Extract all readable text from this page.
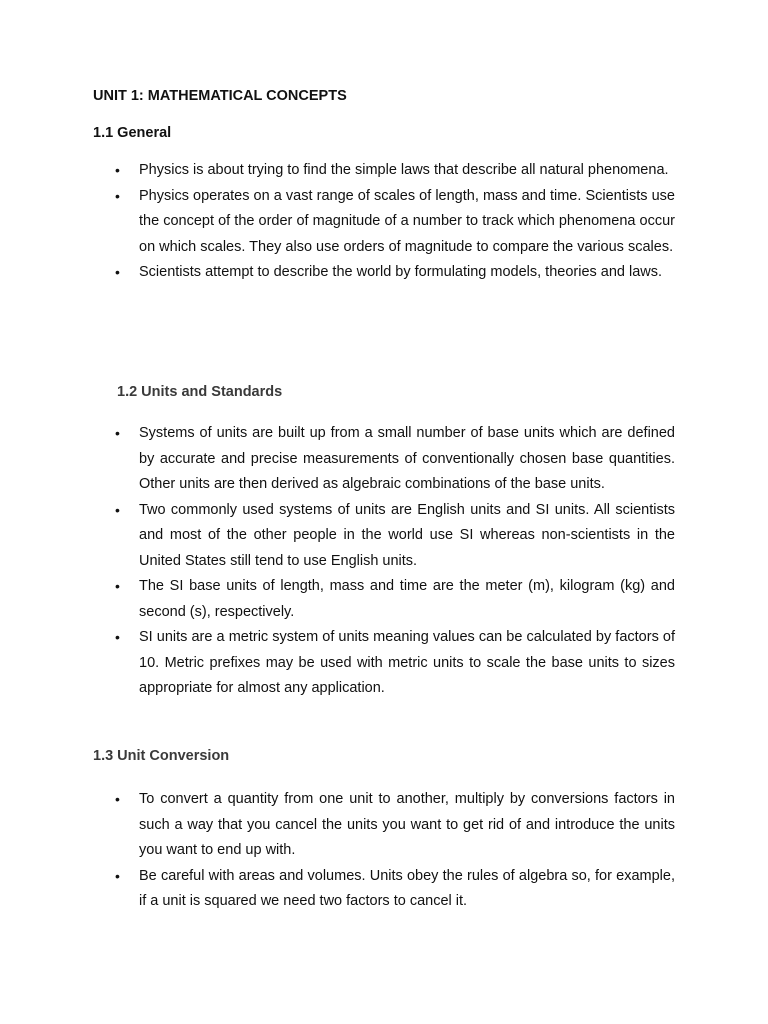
UNIT 1: MATHEMATICAL CONCEPTS
1.1 General
• Physics is about trying to find the simple laws that describe all natural phenomena.
• Physics operates on a vast range of scales of length, mass and time. Scientists use the concept of the order of magnitude of a number to track which phenomena occur on which scales. They also use orders of magnitude to compare the various scales.
• Scientists attempt to describe the world by formulating models, theories and laws.
1.2 Units and Standards
• Systems of units are built up from a small number of base units which are defined by accurate and precise measurements of conventionally chosen base quantities. Other units are then derived as algebraic combinations of the base units.
• Two commonly used systems of units are English units and SI units. All scientists and most of the other people in the world use SI whereas non-scientists in the United States still tend to use English units.
• The SI base units of length, mass and time are the meter (m), kilogram (kg) and second (s), respectively.
• SI units are a metric system of units meaning values can be calculated by factors of 10. Metric prefixes may be used with metric units to scale the base units to sizes appropriate for almost any application.
1.3 Unit Conversion
• To convert a quantity from one unit to another, multiply by conversions factors in such a way that you cancel the units you want to get rid of and introduce the units you want to end up with.
• Be careful with areas and volumes. Units obey the rules of algebra so, for example, if a unit is squared we need two factors to cancel it.
